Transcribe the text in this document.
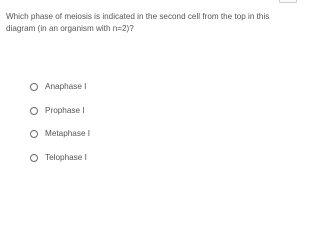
Which phase of meiosis is indicated in the second cell from the top in this diagram (in an organism with n=2)?

Anaphase I
Prophase I
Metaphase I
Telophase I
